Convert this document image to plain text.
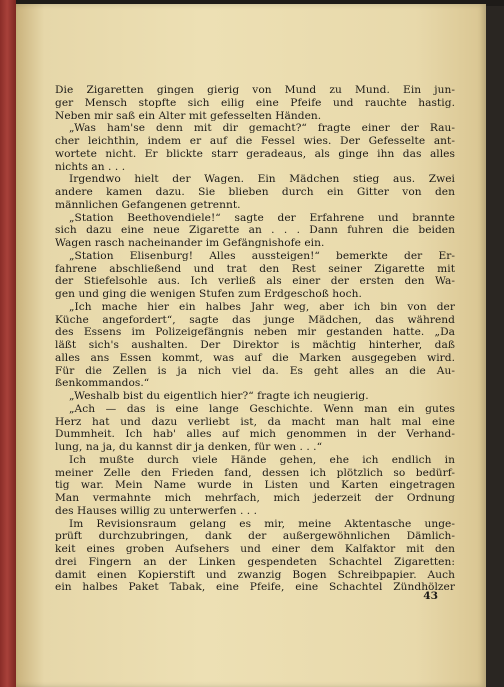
Die Zigaretten gingen gierig von Mund zu Mund. Ein jun-
ger Mensch stopfte sich eilig eine Pfeife und rauchte hastig.
Neben mir saß ein Alter mit gefesselten Händen.
„Was ham'se denn mit dir gemacht?“ fragte einer der Rau-
cher leichthin, indem er auf die Fessel wies. Der Gefesselte ant-
wortete nicht. Er blickte starr geradeaus, als ginge ihn das alles
nichts an . . .
Irgendwo hielt der Wagen. Ein Mädchen stieg aus. Zwei
andere kamen dazu. Sie blieben durch ein Gitter von den
männlichen Gefangenen getrennt.
„Station Beethovendiele!“ sagte der Erfahrene und brannte
sich dazu eine neue Zigarette an . . . Dann fuhren die beiden
Wagen rasch nacheinander im Gefängnishofe ein.
„Station Elisenburg! Alles aussteigen!“ bemerkte der Er-
fahrene abschließend und trat den Rest seiner Zigarette mit
der Stiefelsohle aus. Ich verließ als einer der ersten den Wa-
gen und ging die wenigen Stufen zum Erdgeschoß hoch.
„Ich mache hier ein halbes Jahr weg, aber ich bin von der
Küche angefordert“, sagte das junge Mädchen, das während
des Essens im Polizeigefängnis neben mir gestanden hatte. „Da
läßt sich's aushalten. Der Direktor is mächtig hinterher, daß
alles ans Essen kommt, was auf die Marken ausgegeben wird.
Für die Zellen is ja nich viel da. Es geht alles an die Au-
ßenkommandos.“
„Weshalb bist du eigentlich hier?“ fragte ich neugierig.
„Ach — das is eine lange Geschichte. Wenn man ein gutes
Herz hat und dazu verliebt ist, da macht man halt mal eine
Dummheit. Ich hab' alles auf mich genommen in der Verhand-
lung, na ja, du kannst dir ja denken, für wen . . .“
Ich mußte durch viele Hände gehen, ehe ich endlich in
meiner Zelle den Frieden fand, dessen ich plötzlich so bedürf-
tig war. Mein Name wurde in Listen und Karten eingetragen
Man vermahnte mich mehrfach, mich jederzeit der Ordnung
des Hauses willig zu unterwerfen . . .
Im Revisionsraum gelang es mir, meine Aktentasche unge-
prüft durchzubringen, dank der außergewöhnlichen Dämlich-
keit eines groben Aufsehers und einer dem Kalfaktor mit den
drei Fingern an der Linken gespendeten Schachtel Zigaretten:
damit einen Kopierstift und zwanzig Bogen Schreibpapier. Auch
ein halbes Paket Tabak, eine Pfeife, eine Schachtel Zündhölzer
43
